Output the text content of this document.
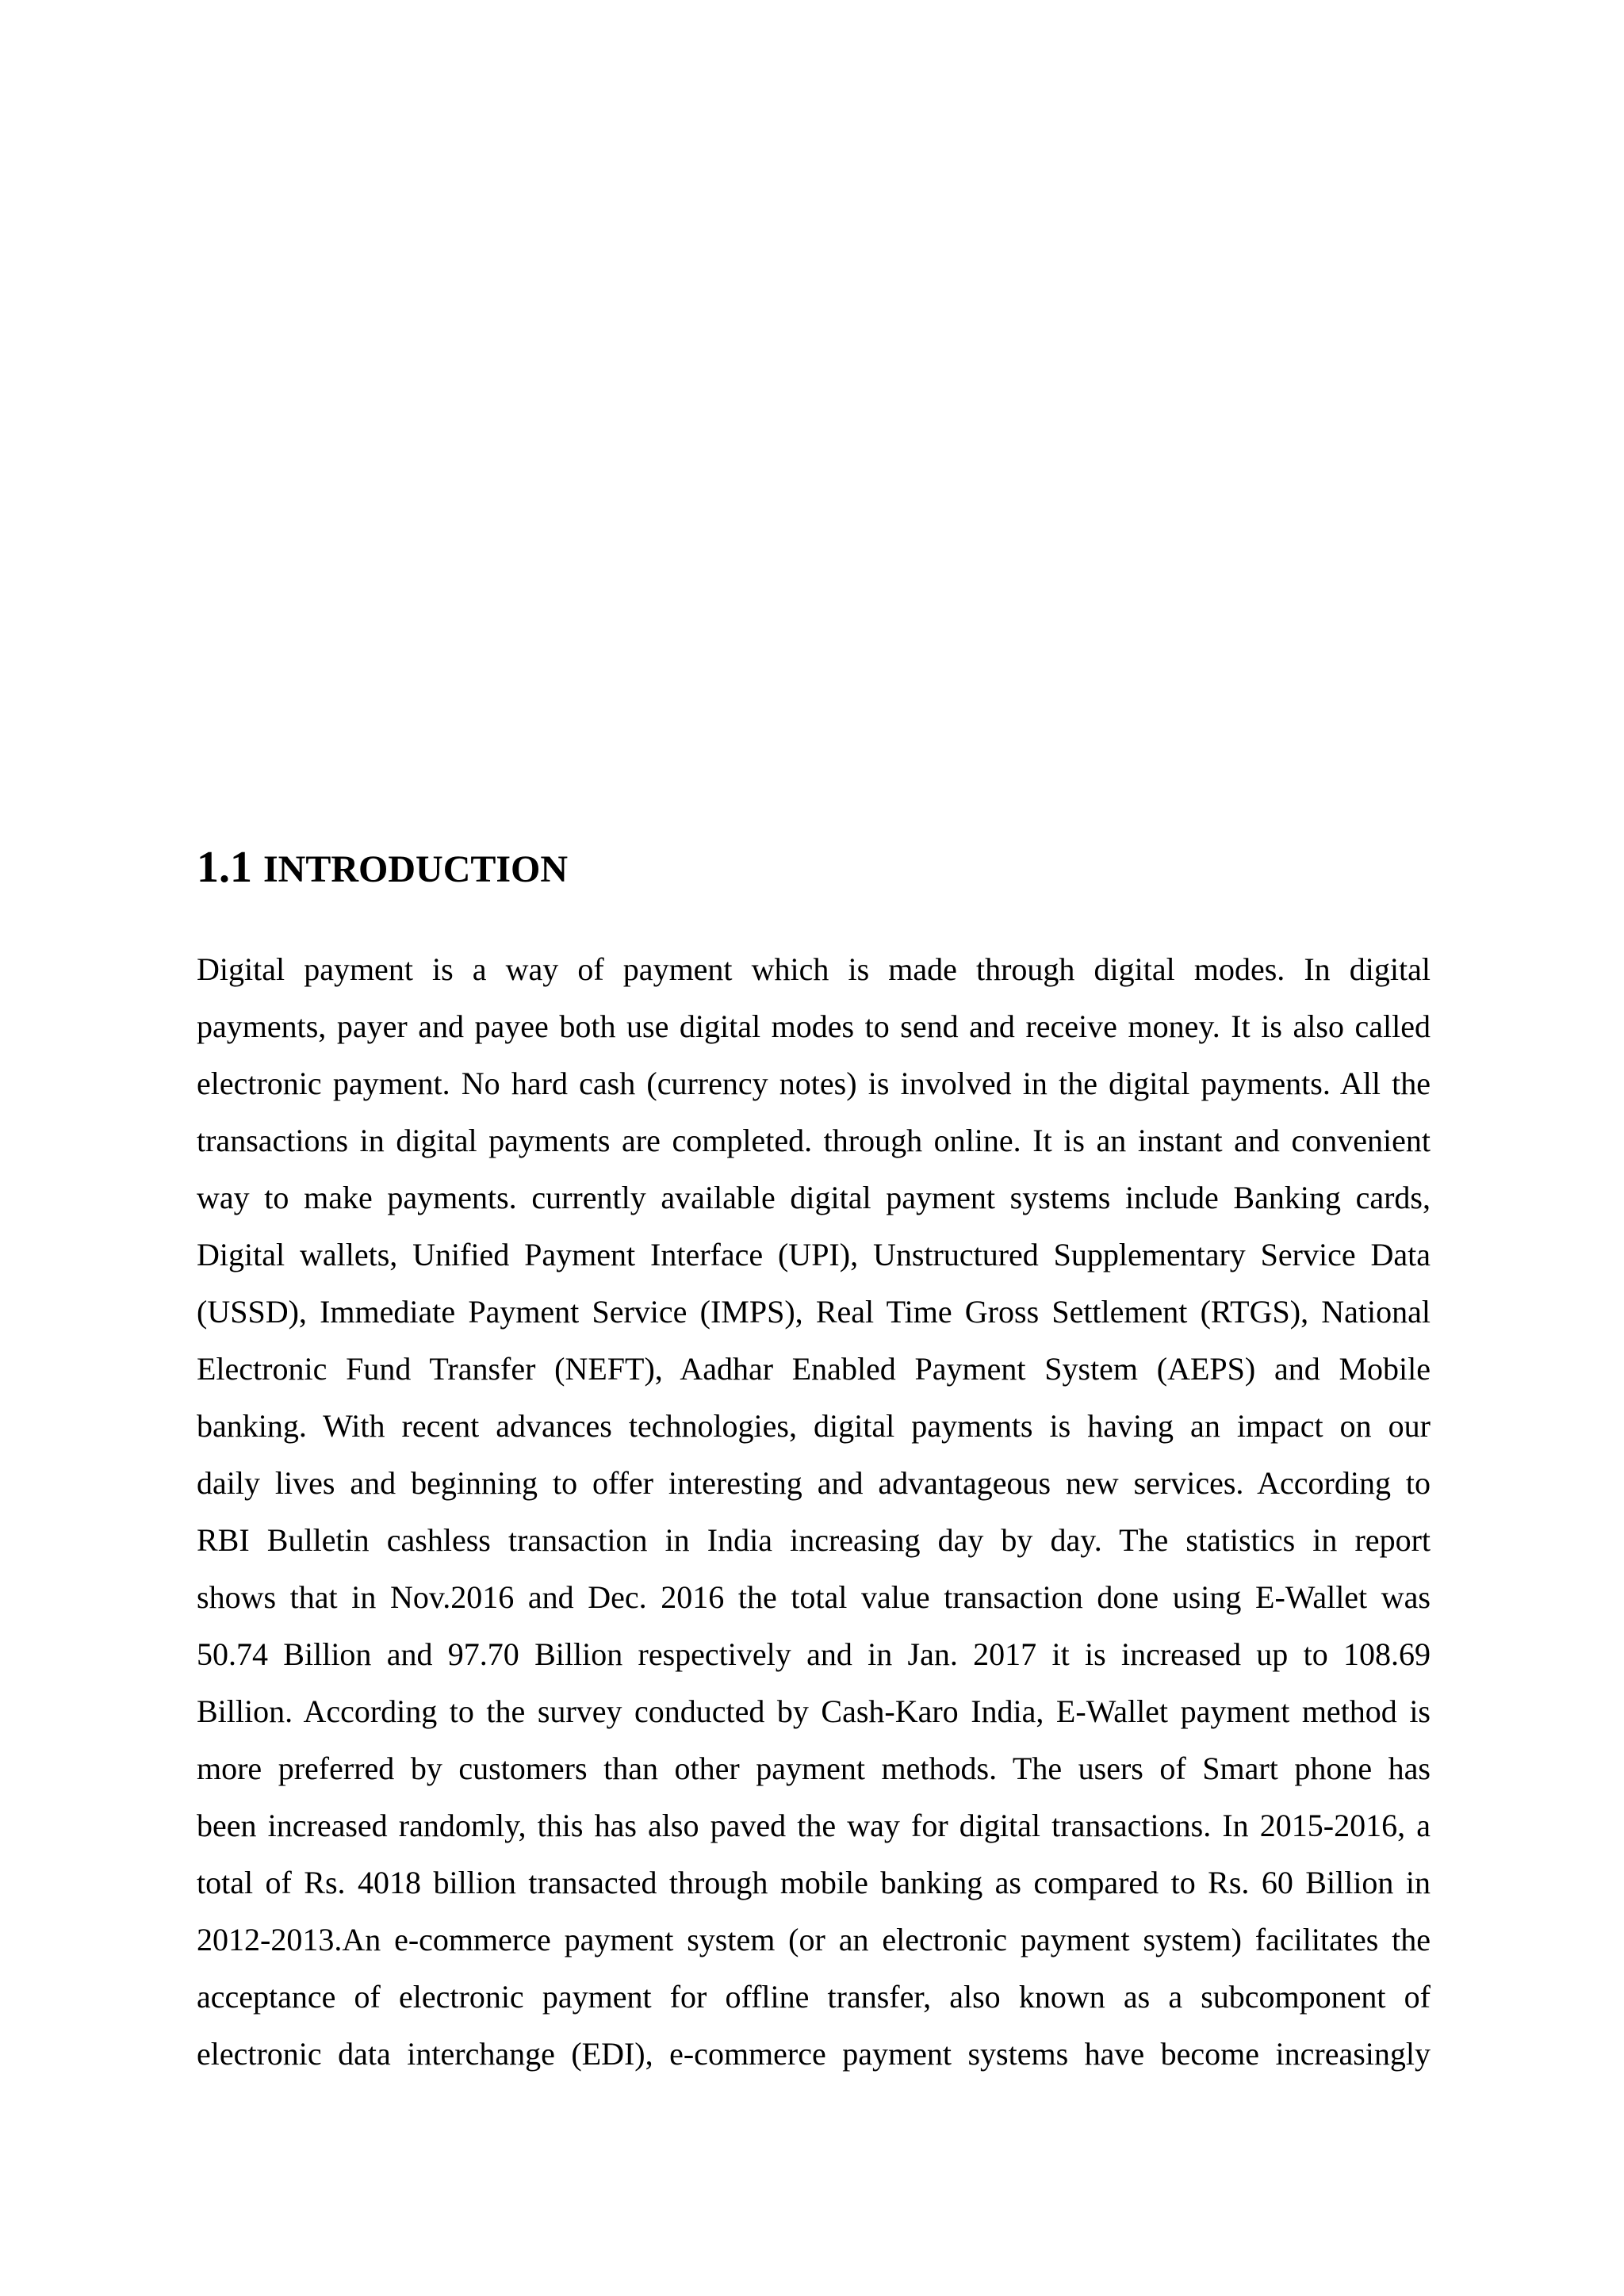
1.1 INTRODUCTION
Digital payment is a way of payment which is made through digital modes. In digital
payments, payer and payee both use digital modes to send and receive money. It is also called
electronic payment. No hard cash (currency notes) is involved in the digital payments. All the
transactions in digital payments are completed. through online. It is an instant and convenient
way to make payments. currently available digital payment systems include Banking cards,
Digital wallets, Unified Payment Interface (UPI), Unstructured Supplementary Service Data
(USSD), Immediate Payment Service (IMPS), Real Time Gross Settlement (RTGS), National
Electronic Fund Transfer (NEFT), Aadhar Enabled Payment System (AEPS) and Mobile
banking. With recent advances technologies, digital payments is having an impact on our
daily lives and beginning to offer interesting and advantageous new services. According to
RBI Bulletin cashless transaction in India increasing day by day. The statistics in report
shows that in Nov.2016 and Dec. 2016 the total value transaction done using E-Wallet was
50.74 Billion and 97.70 Billion respectively and in Jan. 2017 it is increased up to 108.69
Billion. According to the survey conducted by Cash-Karo India, E-Wallet payment method is
more preferred by customers than other payment methods. The users of Smart phone has
been increased randomly, this has also paved the way for digital transactions. In 2015-2016, a
total of Rs. 4018 billion transacted through mobile banking as compared to Rs. 60 Billion in
2012-2013.An e-commerce payment system (or an electronic payment system) facilitates the
acceptance of electronic payment for offline transfer, also known as a subcomponent of
electronic data interchange (EDI), e-commerce payment systems have become increasingly
